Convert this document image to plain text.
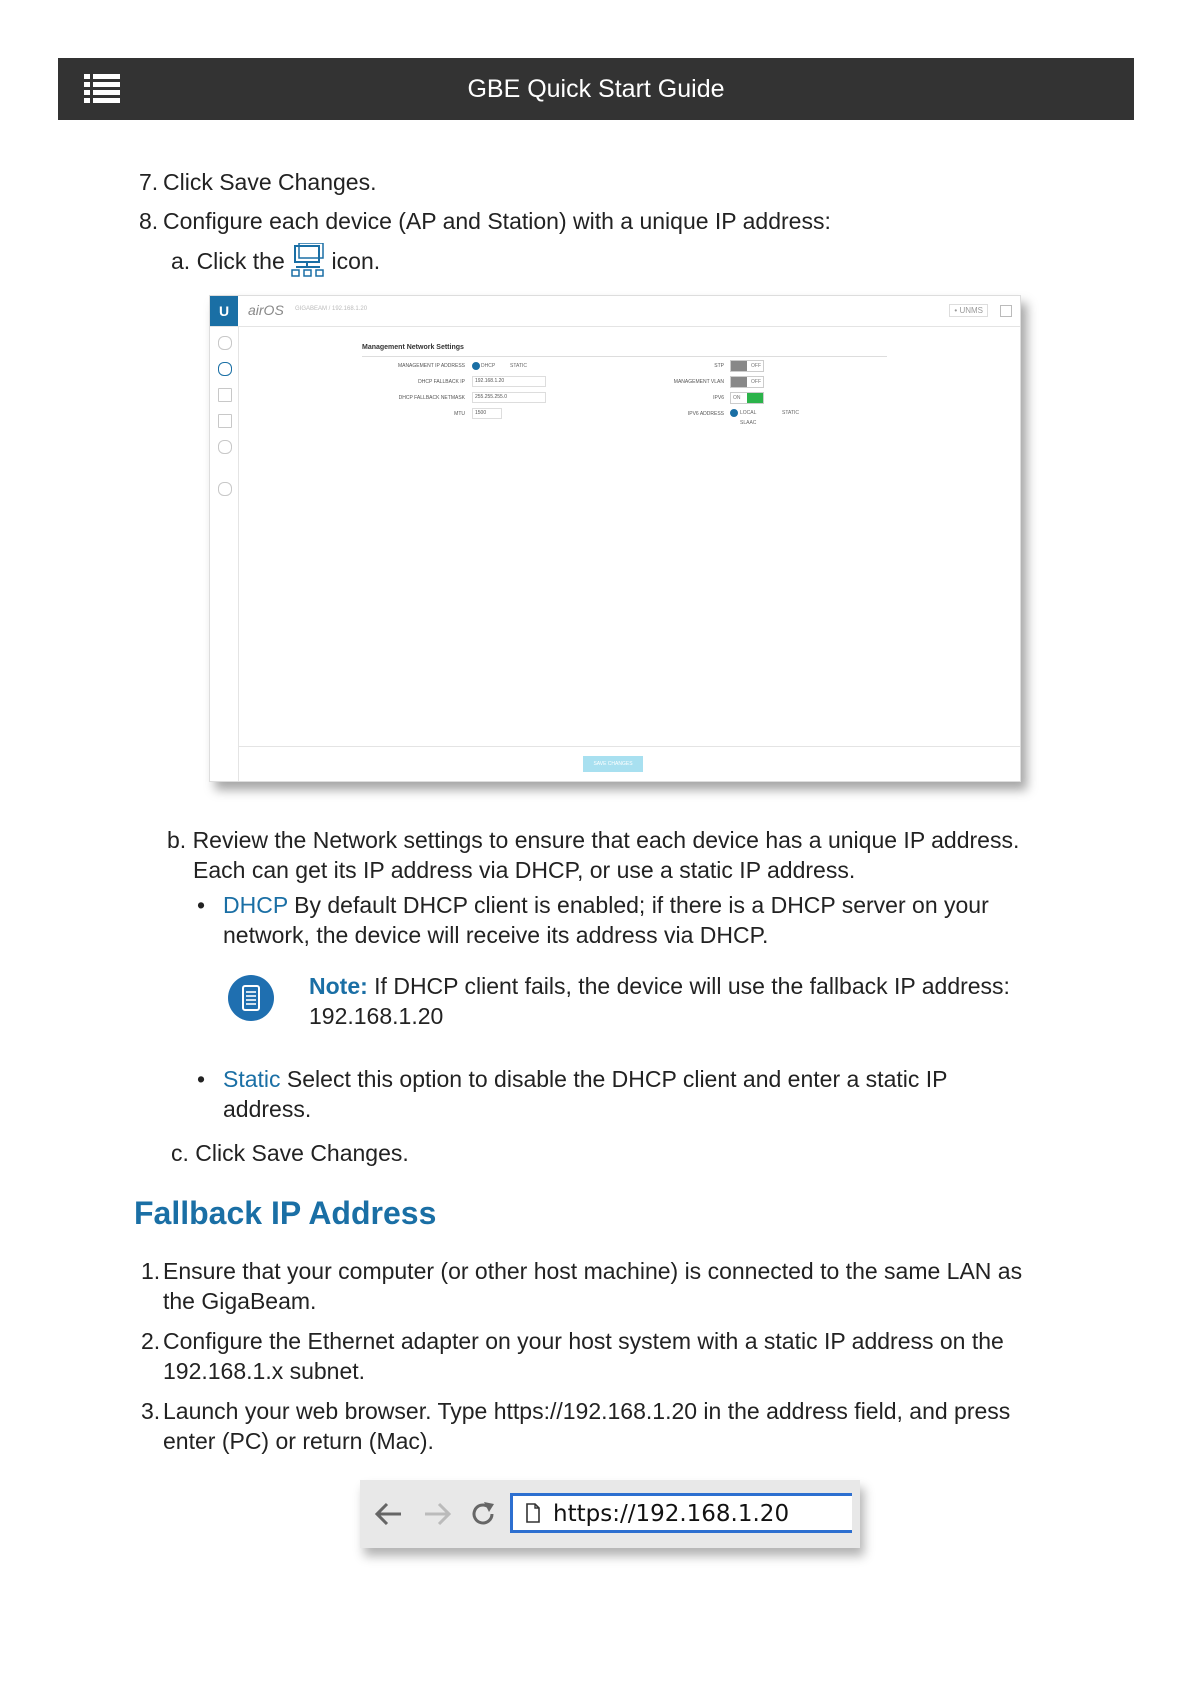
GBE Quick Start Guide
7. Click Save Changes.
8. Configure each device (AP and Station) with a unique IP address:
a. Click the icon.
U	airOS GIGABEAM / 192.168.1.20	• UNMS
Management Network Settings
MANAGEMENT IP ADDRESS	DHCP	STATIC
DHCP FALLBACK IP	192.168.1.20
DHCP FALLBACK NETMASK	255.255.255.0
MTU	1500
STP	OFF
MANAGEMENT VLAN	OFF
IPV6 ON
IPV6 ADDRESS	LOCAL
SLAAC
STATIC
SAVE CHANGES
b. Review the Network settings to ensure that each device has a unique IP address.
Each can get its IP address via DHCP, or use a static IP address.
• DHCP By default DHCP client is enabled; if there is a DHCP server on your
network, the device will receive its address via DHCP.
Note: If DHCP client fails, the device will use the fallback IP address:
192.168.1.20
• Static Select this option to disable the DHCP client and enter a static IP
address.
c. Click Save Changes.
Fallback IP Address
1. Ensure that your computer (or other host machine) is connected to the same LAN as
the GigaBeam.
2. Configure the Ethernet adapter on your host system with a static IP address on the
192.168.1.x subnet.
3. Launch your web browser. Type https://192.168.1.20 in the address field, and press
enter (PC) or return (Mac).
https://192.168.1.20
